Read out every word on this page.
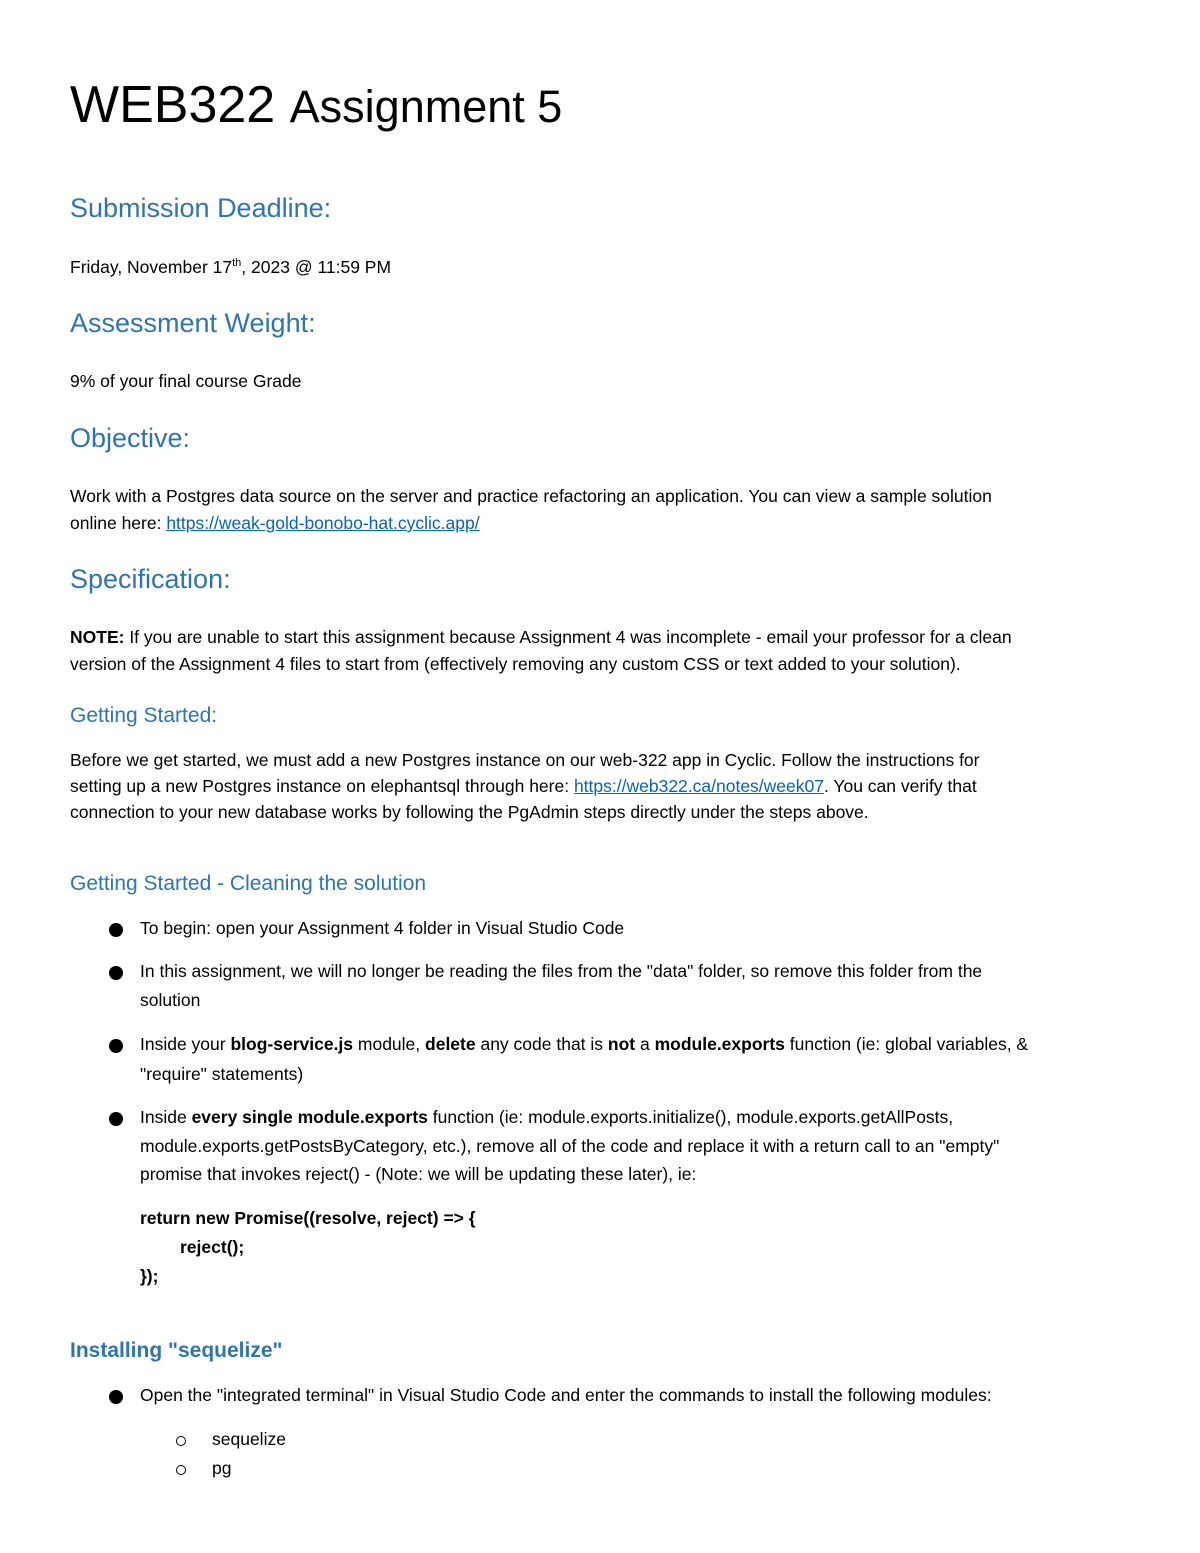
WEB322 Assignment 5
Submission Deadline:
Friday, November 17th, 2023 @ 11:59 PM
Assessment Weight:
9% of your final course Grade
Objective:
Work with a Postgres data source on the server and practice refactoring an application. You can view a sample solution
online here: https://weak-gold-bonobo-hat.cyclic.app/
Specification:
NOTE: If you are unable to start this assignment because Assignment 4 was incomplete - email your professor for a clean
version of the Assignment 4 files to start from (effectively removing any custom CSS or text added to your solution).
Getting Started:
Before we get started, we must add a new Postgres instance on our web-322 app in Cyclic. Follow the instructions for
setting up a new Postgres instance on elephantsql through here: https://web322.ca/notes/week07. You can verify that
connection to your new database works by following the PgAdmin steps directly under the steps above.
Getting Started - Cleaning the solution
To begin: open your Assignment 4 folder in Visual Studio Code
In this assignment, we will no longer be reading the files from the "data" folder, so remove this folder from the
solution
Inside your blog-service.js module, delete any code that is not a module.exports function (ie: global variables, &
"require" statements)
Inside every single module.exports function (ie: module.exports.initialize(), module.exports.getAllPosts,
module.exports.getPostsByCategory, etc.), remove all of the code and replace it with a return call to an "empty"
promise that invokes reject() - (Note: we will be updating these later), ie:
return new Promise((resolve, reject) => {
reject();
});
Installing "sequelize"
Open the "integrated terminal" in Visual Studio Code and enter the commands to install the following modules:
sequelize
pg
